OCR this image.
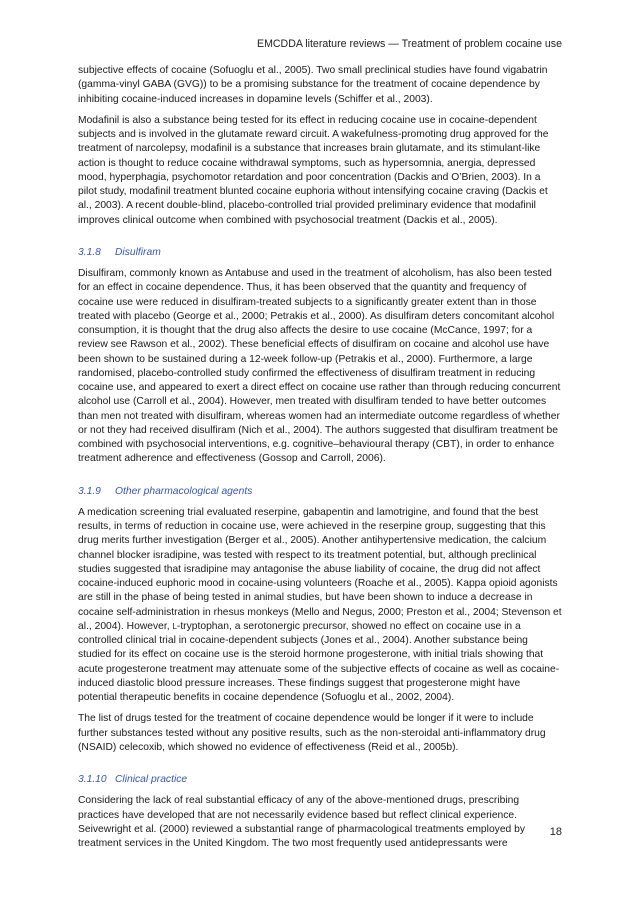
EMCDDA literature reviews — Treatment of problem cocaine use

subjective effects of cocaine (Sofuoglu et al., 2005). Two small preclinical studies have found vigabatrin (gamma-vinyl GABA (GVG)) to be a promising substance for the treatment of cocaine dependence by inhibiting cocaine-induced increases in dopamine levels (Schiffer et al., 2003).

Modafinil is also a substance being tested for its effect in reducing cocaine use in cocaine-dependent subjects and is involved in the glutamate reward circuit. A wakefulness-promoting drug approved for the treatment of narcolepsy, modafinil is a substance that increases brain glutamate, and its stimulant-like action is thought to reduce cocaine withdrawal symptoms, such as hypersomnia, anergia, depressed mood, hyperphagia, psychomotor retardation and poor concentration (Dackis and O’Brien, 2003). In a pilot study, modafinil treatment blunted cocaine euphoria without intensifying cocaine craving (Dackis et al., 2003). A recent double-blind, placebo-controlled trial provided preliminary evidence that modafinil improves clinical outcome when combined with psychosocial treatment (Dackis et al., 2005).

3.1.8	Disulfiram

Disulfiram, commonly known as Antabuse and used in the treatment of alcoholism, has also been tested for an effect in cocaine dependence. Thus, it has been observed that the quantity and frequency of cocaine use were reduced in disulfiram-treated subjects to a significantly greater extent than in those treated with placebo (George et al., 2000; Petrakis et al., 2000). As disulfiram deters concomitant alcohol consumption, it is thought that the drug also affects the desire to use cocaine (McCance, 1997; for a review see Rawson et al., 2002). These beneficial effects of disulfiram on cocaine and alcohol use have been shown to be sustained during a 12-week follow-up (Petrakis et al., 2000). Furthermore, a large randomised, placebo-controlled study confirmed the effectiveness of disulfiram treatment in reducing cocaine use, and appeared to exert a direct effect on cocaine use rather than through reducing concurrent alcohol use (Carroll et al., 2004). However, men treated with disulfiram tended to have better outcomes than men not treated with disulfiram, whereas women had an intermediate outcome regardless of whether or not they had received disulfiram (Nich et al., 2004). The authors suggested that disulfiram treatment be combined with psychosocial interventions, e.g. cognitive–behavioural therapy (CBT), in order to enhance treatment adherence and effectiveness (Gossop and Carroll, 2006).

3.1.9	Other pharmacological agents

A medication screening trial evaluated reserpine, gabapentin and lamotrigine, and found that the best results, in terms of reduction in cocaine use, were achieved in the reserpine group, suggesting that this drug merits further investigation (Berger et al., 2005). Another antihypertensive medication, the calcium channel blocker isradipine, was tested with respect to its treatment potential, but, although preclinical studies suggested that isradipine may antagonise the abuse liability of cocaine, the drug did not affect cocaine-induced euphoric mood in cocaine-using volunteers (Roache et al., 2005). Kappa opioid agonists are still in the phase of being tested in animal studies, but have been shown to induce a decrease in cocaine self-administration in rhesus monkeys (Mello and Negus, 2000; Preston et al., 2004; Stevenson et al., 2004). However, L-tryptophan, a serotonergic precursor, showed no effect on cocaine use in a controlled clinical trial in cocaine-dependent subjects (Jones et al., 2004). Another substance being studied for its effect on cocaine use is the steroid hormone progesterone, with initial trials showing that acute progesterone treatment may attenuate some of the subjective effects of cocaine as well as cocaine-induced diastolic blood pressure increases. These findings suggest that progesterone might have potential therapeutic benefits in cocaine dependence (Sofuoglu et al., 2002, 2004).

The list of drugs tested for the treatment of cocaine dependence would be longer if it were to include further substances tested without any positive results, such as the non-steroidal anti-inflammatory drug (NSAID) celecoxib, which showed no evidence of effectiveness (Reid et al., 2005b).

3.1.10 Clinical practice

Considering the lack of real substantial efficacy of any of the above-mentioned drugs, prescribing practices have developed that are not necessarily evidence based but reflect clinical experience. Seivewright et al. (2000) reviewed a substantial range of pharmacological treatments employed by treatment services in the United Kingdom. The two most frequently used antidepressants were

18
